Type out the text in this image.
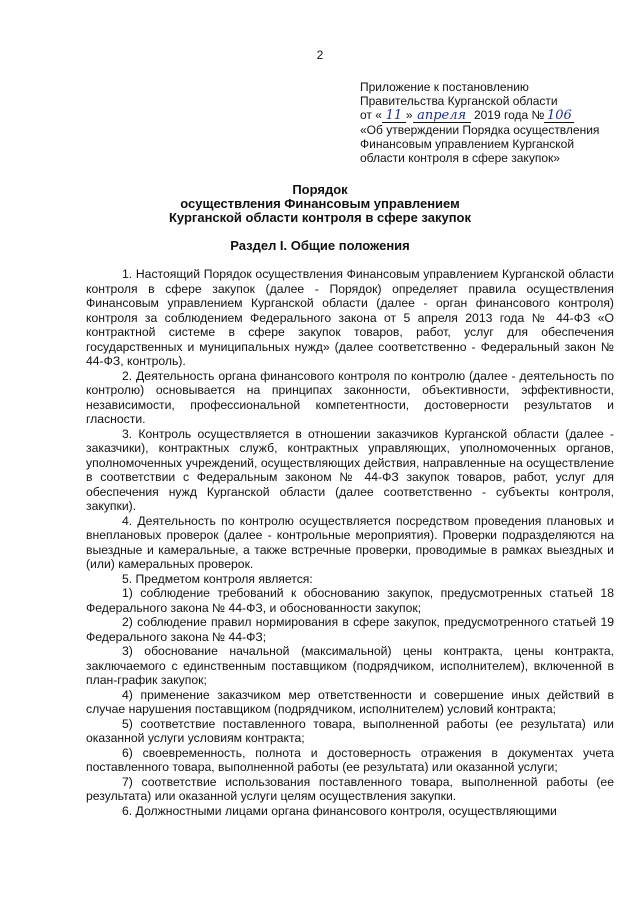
2
Приложение к постановлению
Правительства Курганской области
от « 11 » апреля 2019 года № 106
«Об утверждении Порядка осуществления
Финансовым управлением Курганской
области контроля в сфере закупок»
Порядок
осуществления Финансовым управлением
Курганской области контроля в сфере закупок
Раздел I. Общие положения

1. Настоящий Порядок осуществления Финансовым управлением Курганской области контроля в сфере закупок (далее - Порядок) определяет правила осуществления Финансовым управлением Курганской области (далее - орган финансового контроля) контроля за соблюдением Федерального закона от 5 апреля 2013 года № 44-ФЗ «О контрактной системе в сфере закупок товаров, работ, услуг для обеспечения государственных и муниципальных нужд» (далее соответственно - Федеральный закон № 44-ФЗ, контроль).

2. Деятельность органа финансового контроля по контролю (далее - деятельность по контролю) основывается на принципах законности, объективности, эффективности, независимости, профессиональной компетентности, достоверности результатов и гласности.

3. Контроль осуществляется в отношении заказчиков Курганской области (далее - заказчики), контрактных служб, контрактных управляющих, уполномоченных органов, уполномоченных учреждений, осуществляющих действия, направленные на осуществление в соответствии с Федеральным законом № 44-ФЗ закупок товаров, работ, услуг для обеспечения нужд Курганской области (далее соответственно - субъекты контроля, закупки).

4. Деятельность по контролю осуществляется посредством проведения плановых и внеплановых проверок (далее - контрольные мероприятия). Проверки подразделяются на выездные и камеральные, а также встречные проверки, проводимые в рамках выездных и (или) камеральных проверок.

5. Предметом контроля является:

1) соблюдение требований к обоснованию закупок, предусмотренных статьей 18 Федерального закона № 44-ФЗ, и обоснованности закупок;

2) соблюдение правил нормирования в сфере закупок, предусмотренного статьей 19 Федерального закона № 44-ФЗ;

3) обоснование начальной (максимальной) цены контракта, цены контракта, заключаемого с единственным поставщиком (подрядчиком, исполнителем), включенной в план-график закупок;

4) применение заказчиком мер ответственности и совершение иных действий в случае нарушения поставщиком (подрядчиком, исполнителем) условий контракта;

5) соответствие поставленного товара, выполненной работы (ее результата) или оказанной услуги условиям контракта;

6) своевременность, полнота и достоверность отражения в документах учета поставленного товара, выполненной работы (ее результата) или оказанной услуги;

7) соответствие использования поставленного товара, выполненной работы (ее результата) или оказанной услуги целям осуществления закупки.

6. Должностными лицами органа финансового контроля, осуществляющими
